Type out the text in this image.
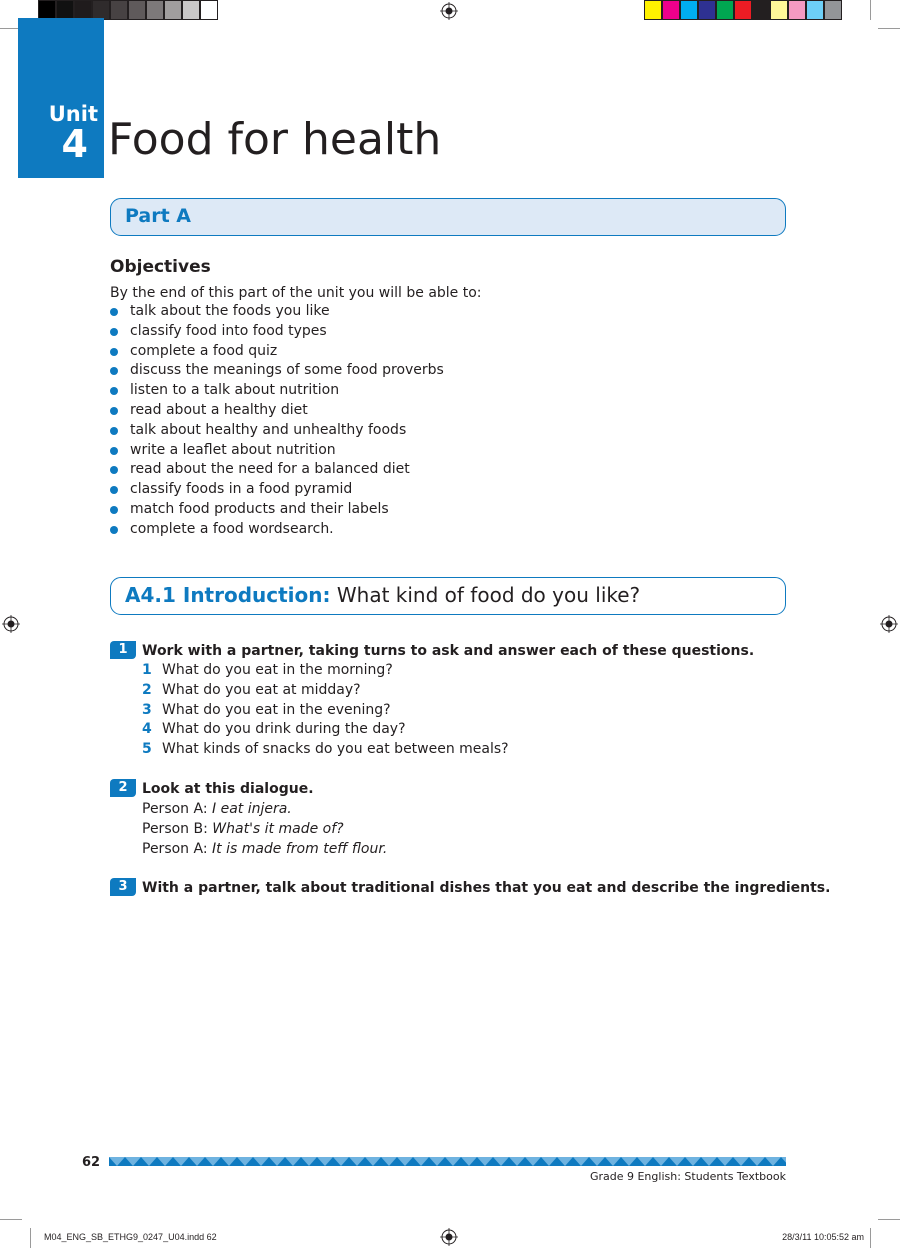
Unit
4 Food for health
Part A
Objectives
By the end of this part of the unit you will be able to:
talk about the foods you like
classify food into food types
complete a food quiz
discuss the meanings of some food proverbs
listen to a talk about nutrition
read about a healthy diet
talk about healthy and unhealthy foods
write a leaflet about nutrition
read about the need for a balanced diet
classify foods in a food pyramid
match food products and their labels
complete a food wordsearch.
A4.1 Introduction: What kind of food do you like?
1	Work with a partner, taking turns to ask and answer each of these questions.
1 What do you eat in the morning?
2 What do you eat at midday?
3 What do you eat in the evening?
4 What do you drink during the day?
5 What kinds of snacks do you eat between meals?
2	Look at this dialogue.
Person A: I eat injera.
Person B: What's it made of?
Person A: It is made from teff flour.
3	With a partner, talk about traditional dishes that you eat and describe the ingredients.
62
Grade 9 English: Students Textbook
M04_ENG_SB_ETHG9_0247_U04.indd 62	28/3/11 10:05:52 am
